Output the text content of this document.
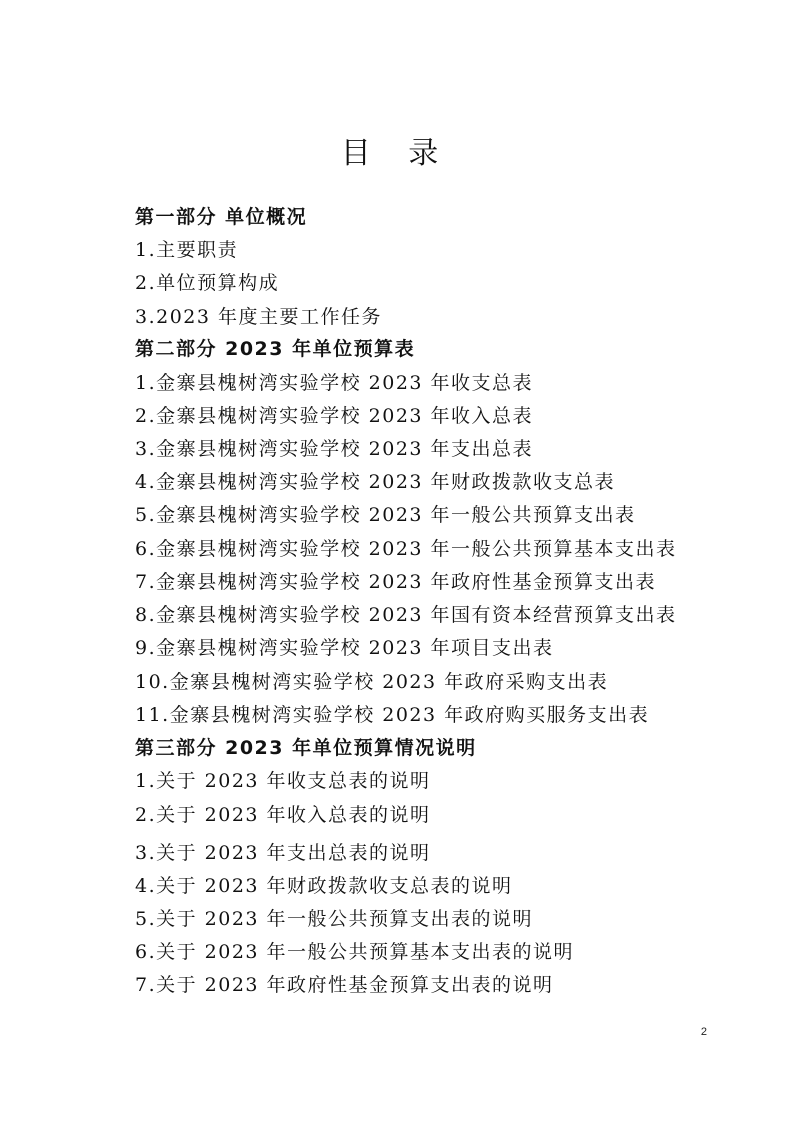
目 录
第一部分 单位概况
1.主要职责
2.单位预算构成
3.2023 年度主要工作任务
第二部分 2023 年单位预算表
1.金寨县槐树湾实验学校 2023 年收支总表
2.金寨县槐树湾实验学校 2023 年收入总表
3.金寨县槐树湾实验学校 2023 年支出总表
4.金寨县槐树湾实验学校 2023 年财政拨款收支总表
5.金寨县槐树湾实验学校 2023 年一般公共预算支出表
6.金寨县槐树湾实验学校 2023 年一般公共预算基本支出表
7.金寨县槐树湾实验学校 2023 年政府性基金预算支出表
8.金寨县槐树湾实验学校 2023 年国有资本经营预算支出表
9.金寨县槐树湾实验学校 2023 年项目支出表
10.金寨县槐树湾实验学校 2023 年政府采购支出表
11.金寨县槐树湾实验学校 2023 年政府购买服务支出表
第三部分 2023 年单位预算情况说明
1.关于 2023 年收支总表的说明
2.关于 2023 年收入总表的说明
3.关于 2023 年支出总表的说明
4.关于 2023 年财政拨款收支总表的说明
5.关于 2023 年一般公共预算支出表的说明
6.关于 2023 年一般公共预算基本支出表的说明
7.关于 2023 年政府性基金预算支出表的说明
2
